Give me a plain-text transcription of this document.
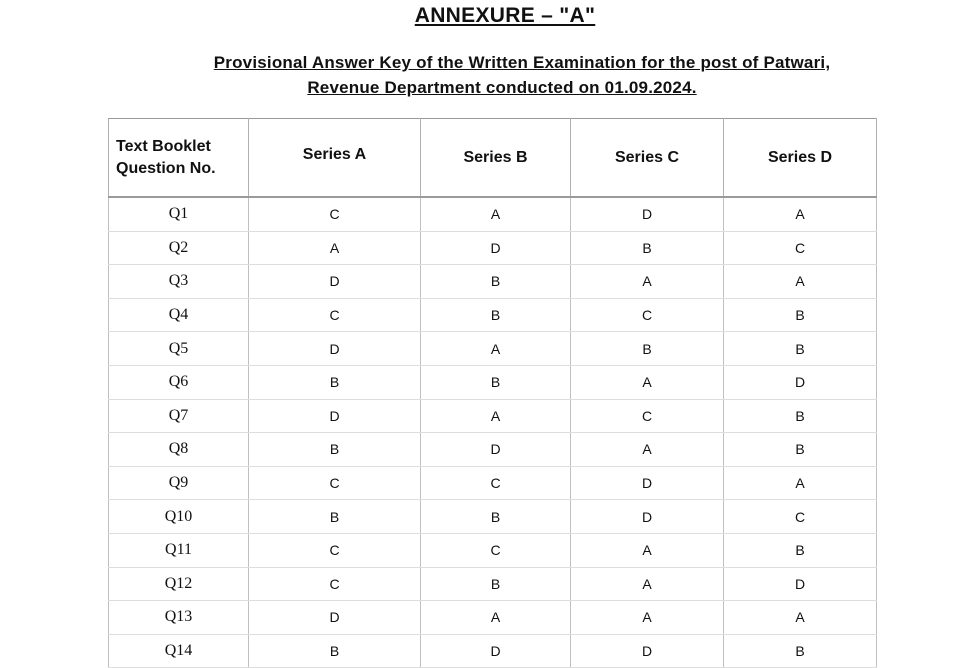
ANNEXURE – "A"
Provisional Answer Key of the Written Examination for the post of Patwari,
Revenue Department conducted on 01.09.2024.
Text Booklet
Question No.	Series A	Series B	Series C	Series D
Q1	C	A	D	A
Q2	A	D	B	C
Q3	D	B	A	A
Q4	C	B	C	B
Q5	D	A	B	B
Q6	B	B	A	D
Q7	D	A	C	B
Q8	B	D	A	B
Q9	C	C	D	A
Q10	B	B	D	C
Q11	C	C	A	B
Q12	C	B	A	D
Q13	D	A	A	A
Q14	B	D	D	B
